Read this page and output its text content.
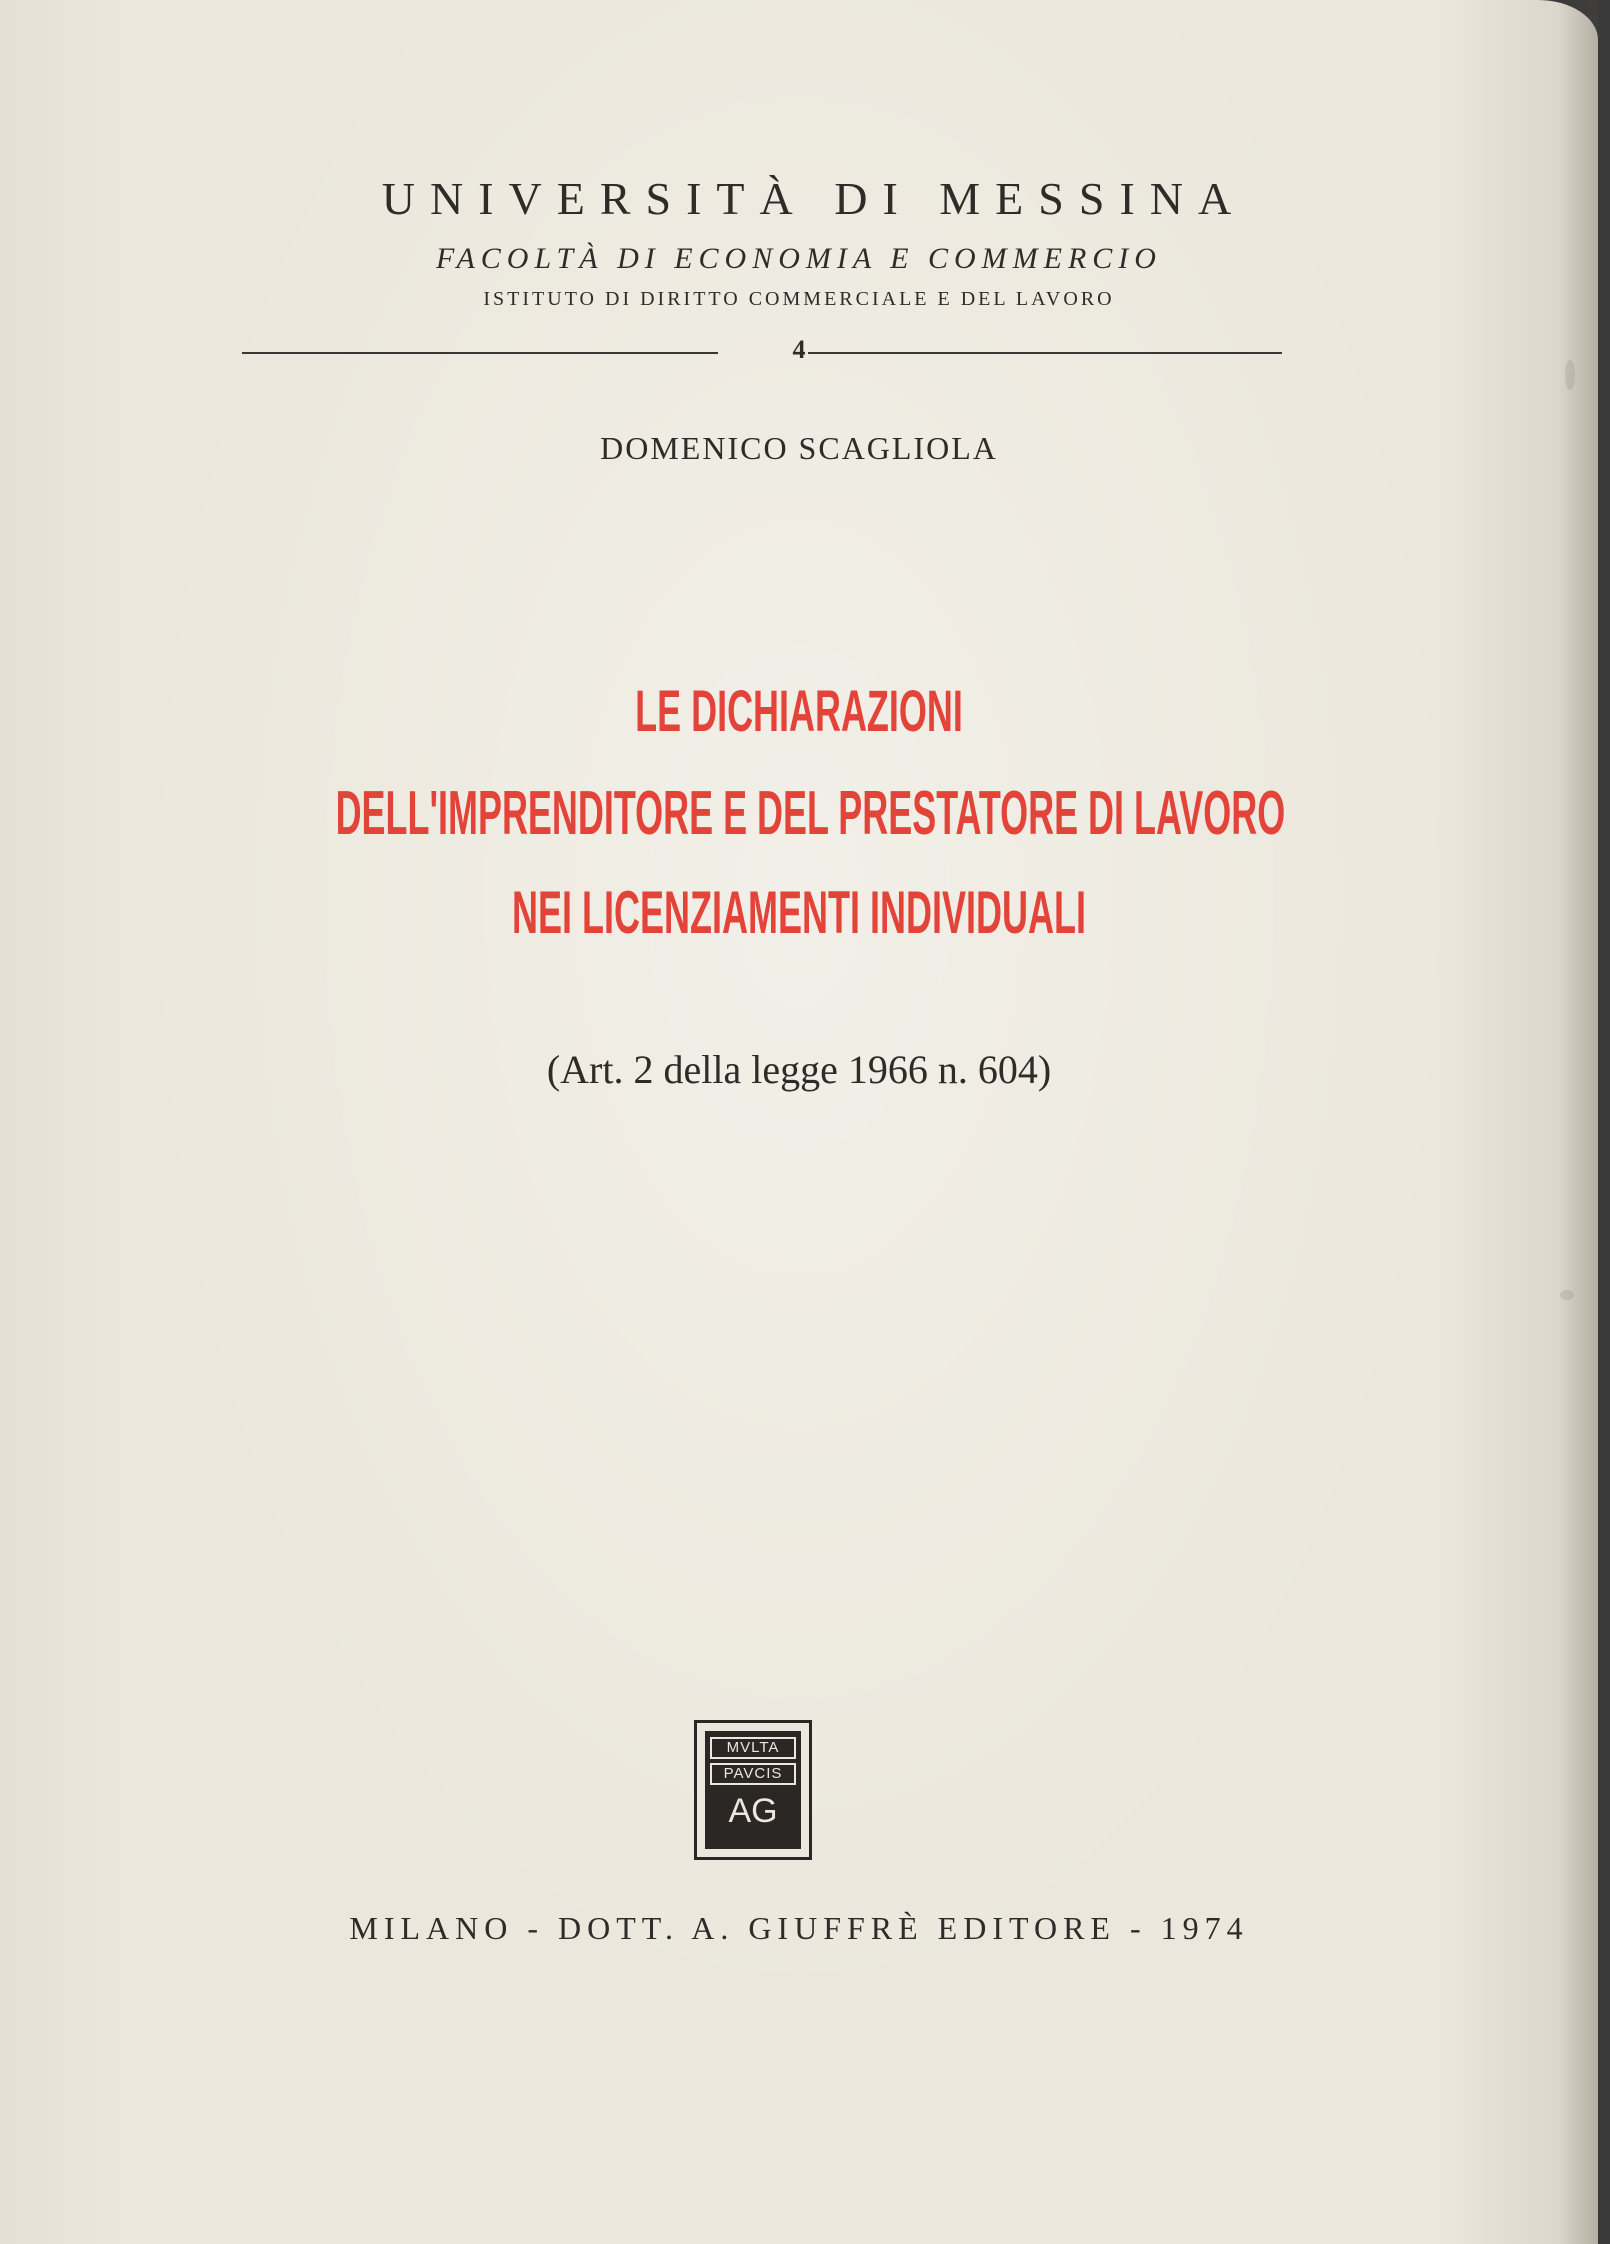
UNIVERSITÀ DI MESSINA
FACOLTÀ DI ECONOMIA E COMMERCIO
ISTITUTO DI DIRITTO COMMERCIALE E DEL LAVORO
4
DOMENICO SCAGLIOLA
LE DICHIARAZIONI
DELL'IMPRENDITORE E DEL PRESTATORE DI LAVORO
NEI LICENZIAMENTI INDIVIDUALI
(Art. 2 della legge 1966 n. 604)
MVLTA
PAVCIS
AG
MILANO - DOTT. A. GIUFFRÈ EDITORE - 1974
